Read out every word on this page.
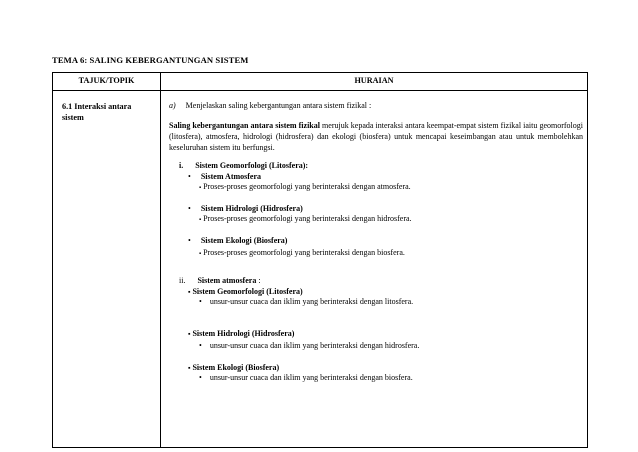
TEMA 6: SALING KEBERGANTUNGAN SISTEM
TAJUK/TOPIK	HURAIAN
6.1 Interaksi antara sistem
a) Menjelaskan saling kebergantungan antara sistem fizikal :
Saling kebergantungan antara sistem fizikal merujuk kepada interaksi antara keempat-empat sistem fizikal iaitu geomorfologi (litosfera), atmosfera, hidrologi (hidrosfera) dan ekologi (biosfera) untuk mencapai keseimbangan atau untuk membolehkan keseluruhan sistem itu berfungsi.
i. Sistem Geomorfologi (Litosfera):
• Sistem Atmosfera
▪ Proses-proses geomorfologi yang berinteraksi dengan atmosfera.
• Sistem Hidrologi (Hidrosfera)
▪ Proses-proses geomorfologi yang berinteraksi dengan hidrosfera.
• Sistem Ekologi (Biosfera)
▪ Proses-proses geomorfologi yang berinteraksi dengan biosfera.
ii. Sistem atmosfera :
▪ Sistem Geomorfologi (Litosfera)
• unsur-unsur cuaca dan iklim yang berinteraksi dengan litosfera.
▪ Sistem Hidrologi (Hidrosfera)
• unsur-unsur cuaca dan iklim yang berinteraksi dengan hidrosfera.
▪ Sistem Ekologi (Biosfera)
• unsur-unsur cuaca dan iklim yang berinteraksi dengan biosfera.
